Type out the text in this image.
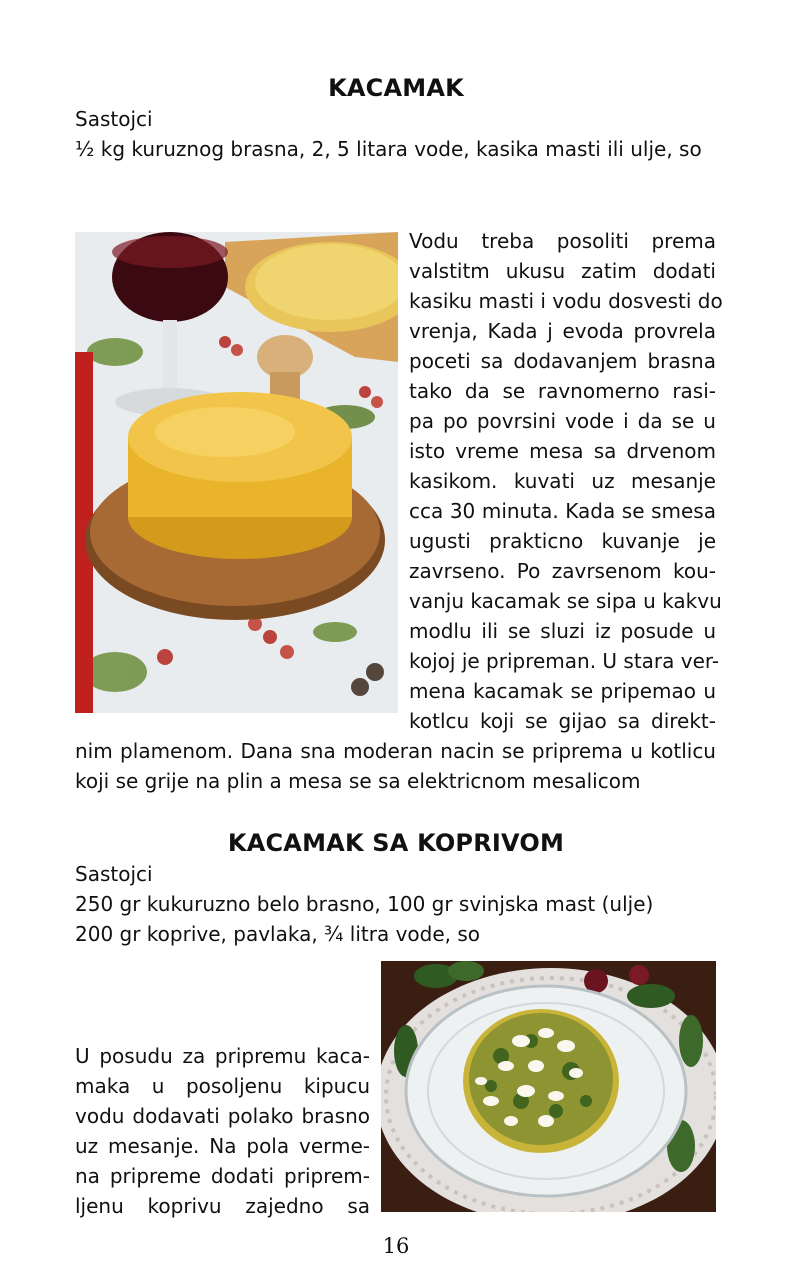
KACAMAK

Sastojci

½ kg kuruznog brasna, 2, 5 litara vode, kasika masti ili ulje, so

Vodu treba posoliti prema
valstitm ukusu zatim dodati
kasiku masti i vodu dosvesti do
vrenja, Kada j evoda provrela
poceti sa dodavanjem brasna
tako da se ravnomerno rasi-
pa po povrsini vode i da se u
isto vreme mesa sa drvenom
kasikom. kuvati uz mesanje
cca 30 minuta. Kada se smesa
ugusti prakticno kuvanje je
zavrseno. Po zavrsenom kou-
vanju kacamak se sipa u kakvu
modlu ili se sluzi iz posude u
kojoj je pripreman. U stara ver-
mena kacamak se pripemao u
kotlcu koji se gijao sa direkt-
nim plamenom. Dana sna moderan nacin se priprema u kotlicu
koji se grije na plin a mesa se sa elektricnom mesalicom
KACAMAK SA KOPRIVOM

Sastojci

250 gr kukuruzno belo brasno, 100 gr svinjska mast (ulje)

200 gr koprive, pavlaka, ¾ litra vode, so

U posudu za pripremu kaca-
maka u posoljenu kipucu
vodu dodavati polako brasno
uz mesanje. Na pola verme-
na pripreme dodati priprem-
ljenu koprivu zajedno sa
16
